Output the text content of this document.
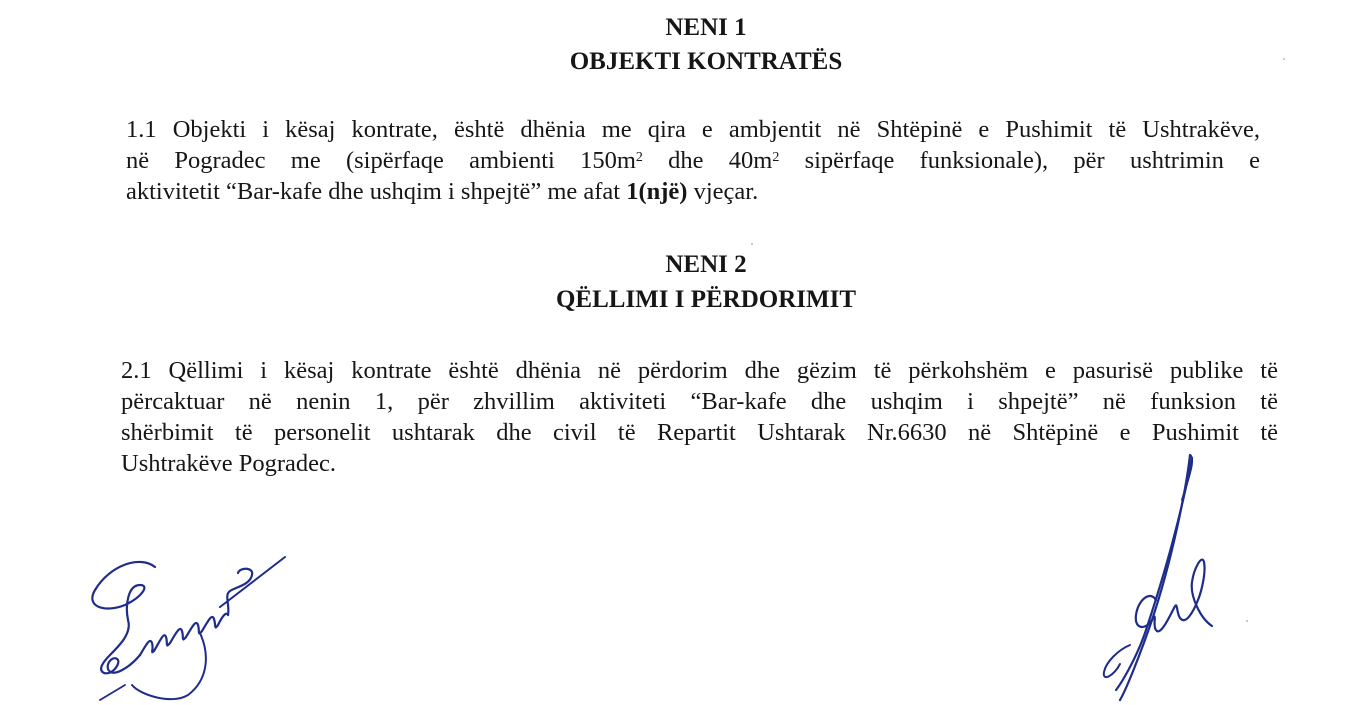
NENI 1
OBJEKTI KONTRATËS

1.1 Objekti i kësaj kontrate, është dhënia me qira e ambjentit në Shtëpinë e Pushimit të Ushtrakëve,
në Pogradec me (sipërfaqe ambienti $150m^2$ dhe $40m^2$ sipërfaqe funksionale), për ushtrimin e
aktivitetit “Bar-kafe dhe ushqim i shpejtë” me afat 1(një) vjeçar.

NENI 2
QËLLIMI I PËRDORIMIT

2.1 Qëllimi i kësaj kontrate është dhënia në përdorim dhe gëzim të përkohshëm e pasurisë publike të
përcaktuar në nenin 1, për zhvillim aktiviteti “Bar-kafe dhe ushqim i shpejtë” në funksion të
shërbimit të personelit ushtarak dhe civil të Repartit Ushtarak Nr.6630 në Shtëpinë e Pushimit të
Ushtrakëve Pogradec.
